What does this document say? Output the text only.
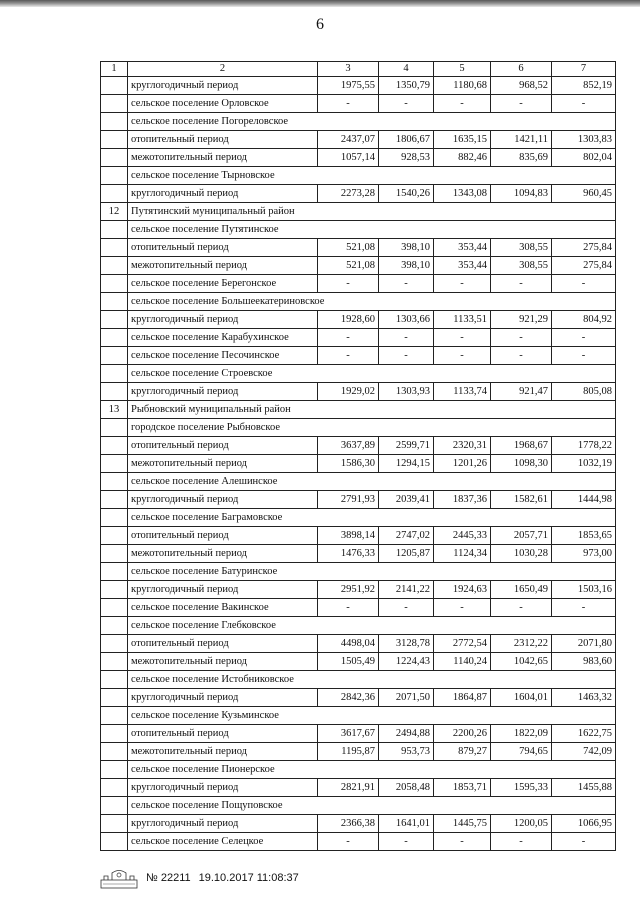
6
1	2	3	4	5	6	7
	круглогодичный период	1975,55	1350,79	1180,68	968,52	852,19
	сельское поселение Орловское	-	-	-	-	-
	сельское поселение Погореловское					
	отопительный период	2437,07	1806,67	1635,15	1421,11	1303,83
	межотопительный период	1057,14	928,53	882,46	835,69	802,04
	сельское поселение Тырновское					
	круглогодичный период	2273,28	1540,26	1343,08	1094,83	960,45
12	Путятинский муниципальный район					
	сельское поселение Путятинское					
	отопительный период	521,08	398,10	353,44	308,55	275,84
	межотопительный период	521,08	398,10	353,44	308,55	275,84
	сельское поселение Берегонское	-	-	-	-	-
	сельское поселение Большеекатериновское					
	круглогодичный период	1928,60	1303,66	1133,51	921,29	804,92
	сельское поселение Карабухинское	-	-	-	-	-
	сельское поселение Песочинское	-	-	-	-	-
	сельское поселение Строевское					
	круглогодичный период	1929,02	1303,93	1133,74	921,47	805,08
13	Рыбновский муниципальный район					
	городское поселение Рыбновское					
	отопительный период	3637,89	2599,71	2320,31	1968,67	1778,22
	межотопительный период	1586,30	1294,15	1201,26	1098,30	1032,19
	сельское поселение Алешинское					
	круглогодичный период	2791,93	2039,41	1837,36	1582,61	1444,98
	сельское поселение Баграмовское					
	отопительный период	3898,14	2747,02	2445,33	2057,71	1853,65
	межотопительный период	1476,33	1205,87	1124,34	1030,28	973,00
	сельское поселение Батуринское					
	круглогодичный период	2951,92	2141,22	1924,63	1650,49	1503,16
	сельское поселение Вакинское	-	-	-	-	-
	сельское поселение Глебковское					
	отопительный период	4498,04	3128,78	2772,54	2312,22	2071,80
	межотопительный период	1505,49	1224,43	1140,24	1042,65	983,60
	сельское поселение Истобниковское					
	круглогодичный период	2842,36	2071,50	1864,87	1604,01	1463,32
	сельское поселение Кузьминское					
	отопительный период	3617,67	2494,88	2200,26	1822,09	1622,75
	межотопительный период	1195,87	953,73	879,27	794,65	742,09
	сельское поселение Пионерское					
	круглогодичный период	2821,91	2058,48	1853,71	1595,33	1455,88
	сельское поселение Пощуповское					
	круглогодичный период	2366,38	1641,01	1445,75	1200,05	1066,95
	сельское поселение Селецкое	-	-	-	-	-
№ 22211 19.10.2017 11:08:37
